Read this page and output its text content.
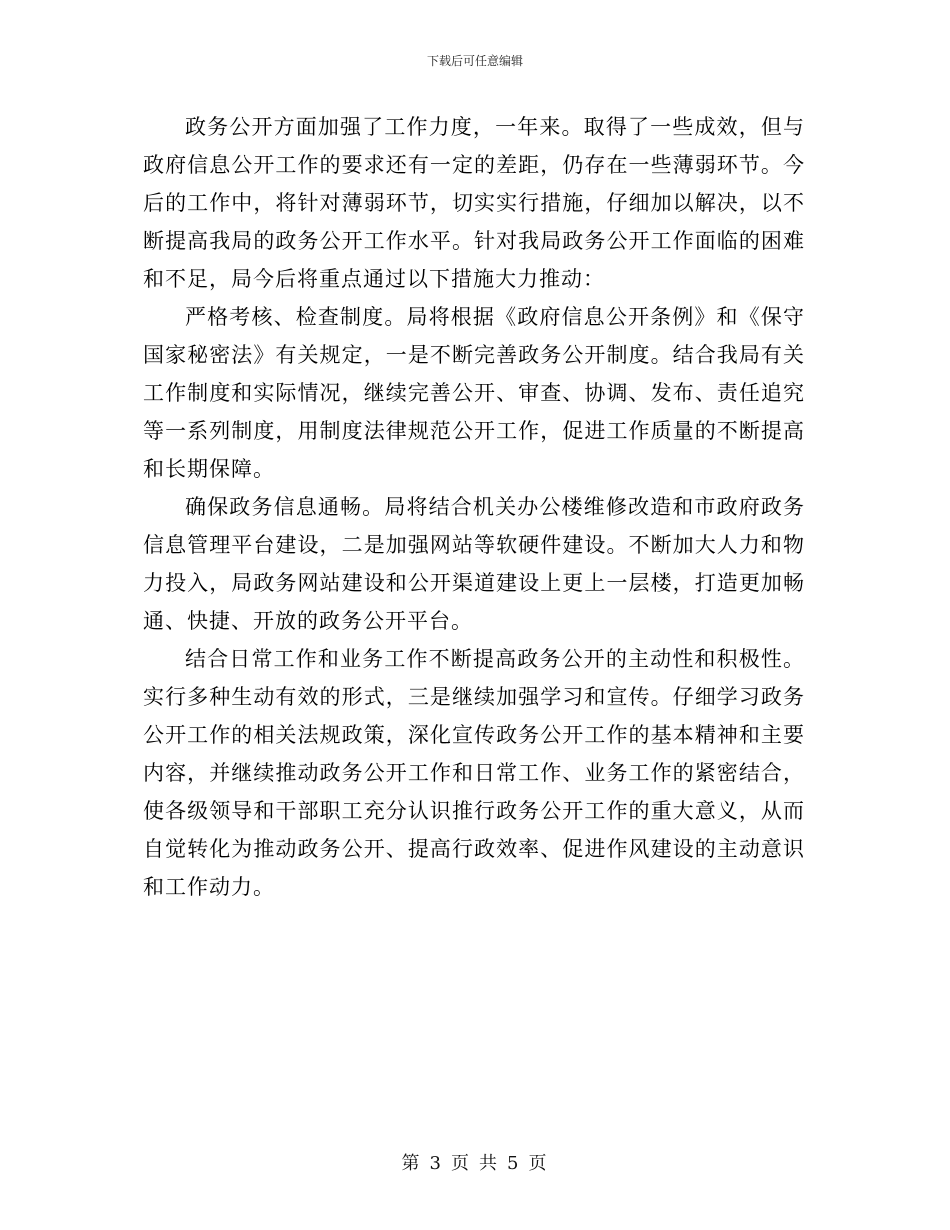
下载后可任意编辑

政务公开方面加强了工作力度，一年来。取得了一些成效，但与政府信息公开工作的要求还有一定的差距，仍存在一些薄弱环节。今后的工作中，将针对薄弱环节，切实实行措施，仔细加以解决，以不断提高我局的政务公开工作水平。针对我局政务公开工作面临的困难和不足，局今后将重点通过以下措施大力推动：

严格考核、检查制度。局将根据《政府信息公开条例》和《保守国家秘密法》有关规定，一是不断完善政务公开制度。结合我局有关工作制度和实际情况，继续完善公开、审查、协调、发布、责任追究等一系列制度，用制度法律规范公开工作，促进工作质量的不断提高和长期保障。

确保政务信息通畅。局将结合机关办公楼维修改造和市政府政务信息管理平台建设，二是加强网站等软硬件建设。不断加大人力和物力投入，局政务网站建设和公开渠道建设上更上一层楼，打造更加畅通、快捷、开放的政务公开平台。

结合日常工作和业务工作不断提高政务公开的主动性和积极性。实行多种生动有效的形式，三是继续加强学习和宣传。仔细学习政务公开工作的相关法规政策，深化宣传政务公开工作的基本精神和主要内容，并继续推动政务公开工作和日常工作、业务工作的紧密结合，使各级领导和干部职工充分认识推行政务公开工作的重大意义，从而自觉转化为推动政务公开、提高行政效率、促进作风建设的主动意识和工作动力。

第 3 页 共 5 页
